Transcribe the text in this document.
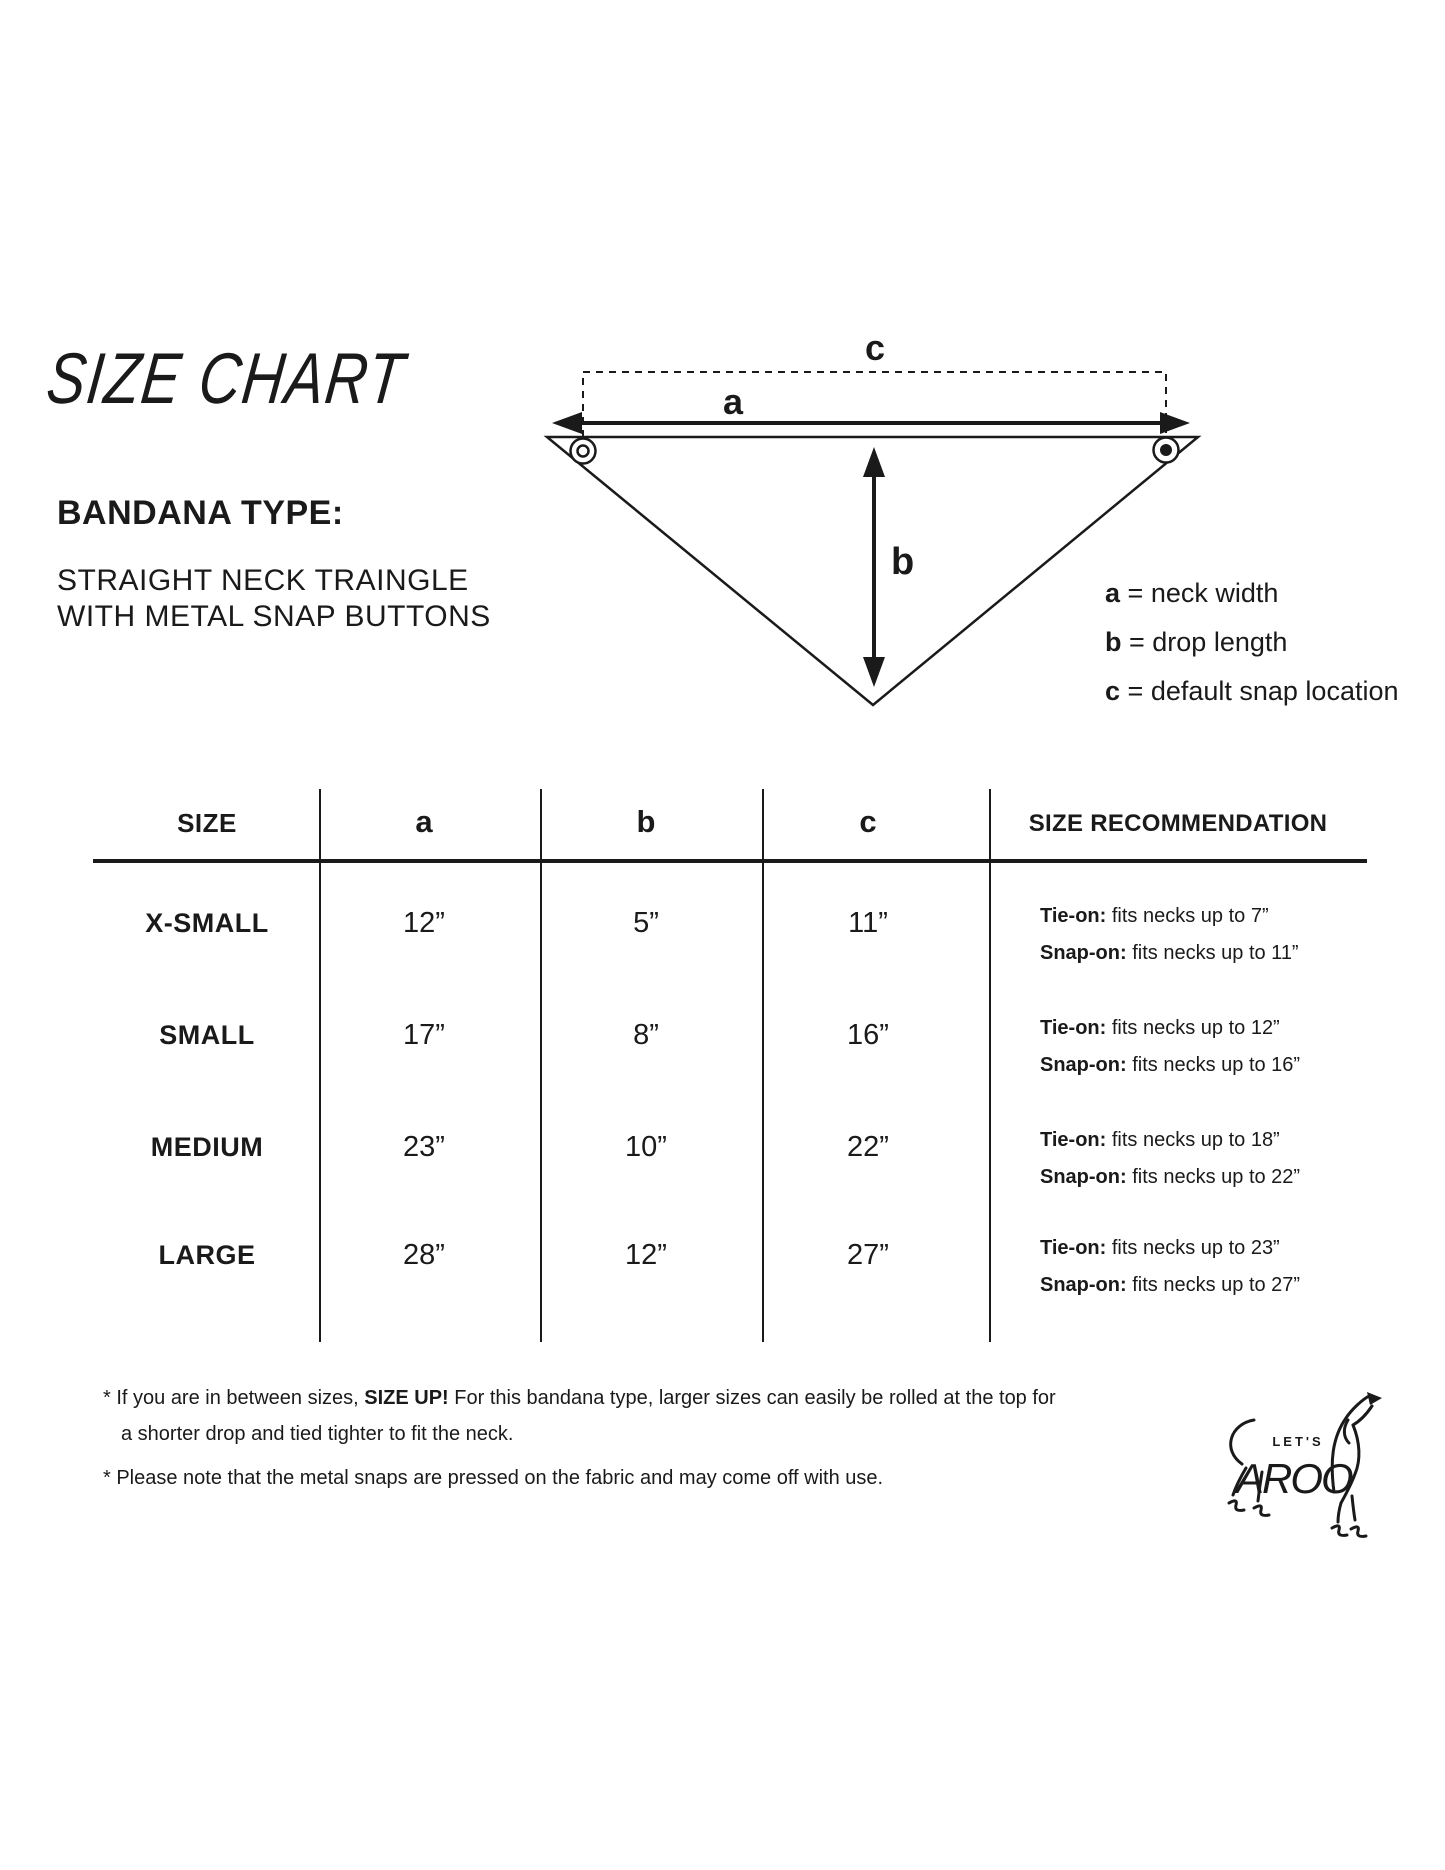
SIZE CHART
BANDANA TYPE:
STRAIGHT NECK TRAINGLE
WITH METAL SNAP BUTTONS
c
a
b
a = neck width
b = drop length
c = default snap location
SIZE	a	b	c	SIZE RECOMMENDATION
X-SMALL	12”	5”	11”	Tie-on: fits necks up to 7”
Snap-on: fits necks up to 11”
SMALL	17”	8”	16”	Tie-on: fits necks up to 12”
Snap-on: fits necks up to 16”
MEDIUM	23”	10”	22”	Tie-on: fits necks up to 18”
Snap-on: fits necks up to 22”
LARGE	28”	12”	27”	Tie-on: fits necks up to 23”
Snap-on: fits necks up to 27”
* If you are in between sizes, SIZE UP! For this bandana type, larger sizes can easily be rolled at the top for
a shorter drop and tied tighter to fit the neck.
* Please note that the metal snaps are pressed on the fabric and may come off with use.
LET'S
AROO
